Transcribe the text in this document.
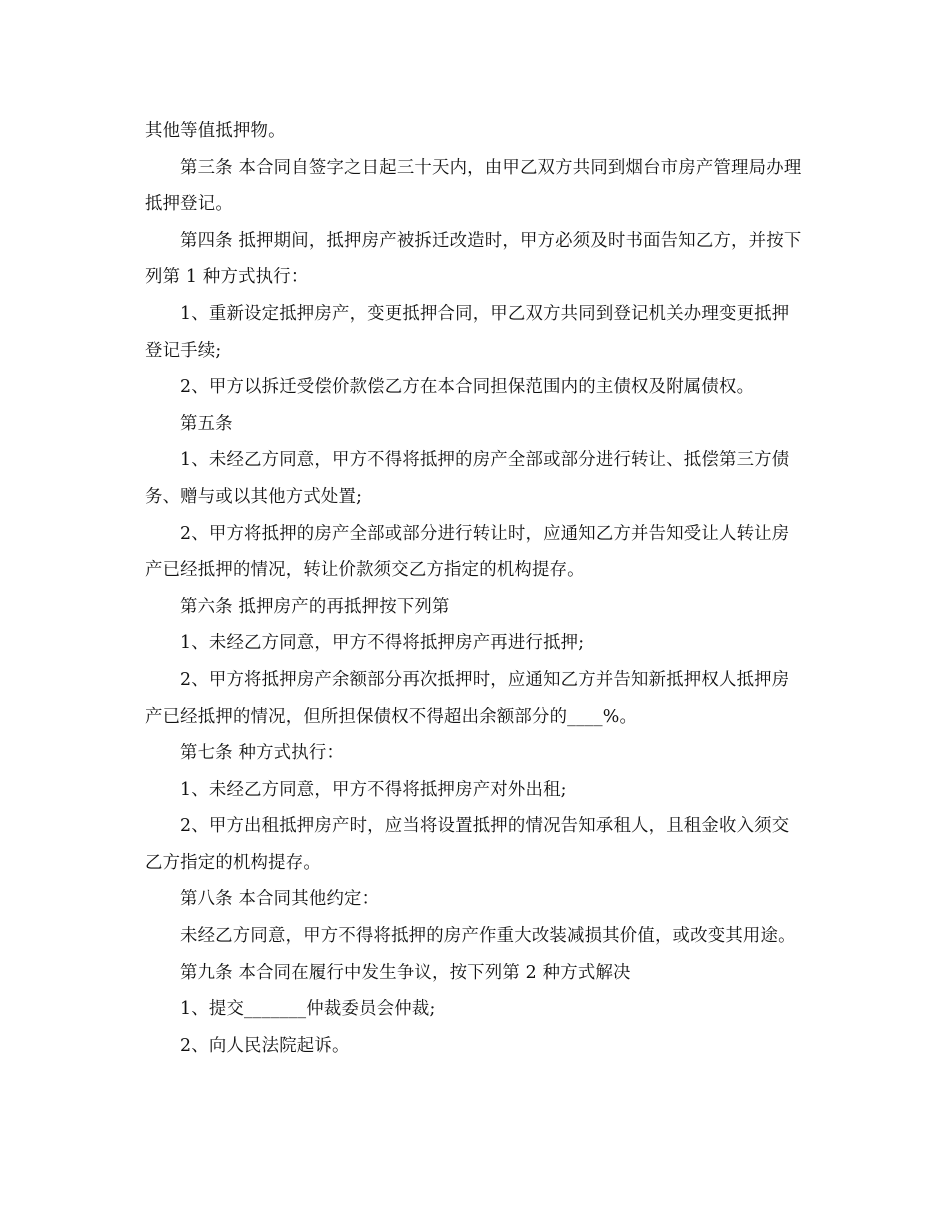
其他等值抵押物。

第三条 本合同自签字之日起三十天内，由甲乙双方共同到烟台市房产管理局办理抵押登记。

第四条 抵押期间，抵押房产被拆迁改造时，甲方必须及时书面告知乙方，并按下列第 1 种方式执行：

1、重新设定抵押房产，变更抵押合同，甲乙双方共同到登记机关办理变更抵押登记手续;

2、甲方以拆迁受偿价款偿乙方在本合同担保范围内的主债权及附属债权。

第五条

1、未经乙方同意，甲方不得将抵押的房产全部或部分进行转让、抵偿第三方债务、赠与或以其他方式处置;

2、甲方将抵押的房产全部或部分进行转让时，应通知乙方并告知受让人转让房产已经抵押的情况，转让价款须交乙方指定的机构提存。

第六条 抵押房产的再抵押按下列第

1、未经乙方同意，甲方不得将抵押房产再进行抵押;

2、甲方将抵押房产余额部分再次抵押时，应通知乙方并告知新抵押权人抵押房产已经抵押的情况，但所担保债权不得超出余额部分的____%。

第七条 种方式执行：

1、未经乙方同意，甲方不得将抵押房产对外出租;

2、甲方出租抵押房产时，应当将设置抵押的情况告知承租人，且租金收入须交乙方指定的机构提存。

第八条 本合同其他约定：

未经乙方同意，甲方不得将抵押的房产作重大改装减损其价值，或改变其用途。

第九条 本合同在履行中发生争议，按下列第 2 种方式解决

1、提交_______仲裁委员会仲裁;

2、向人民法院起诉。
